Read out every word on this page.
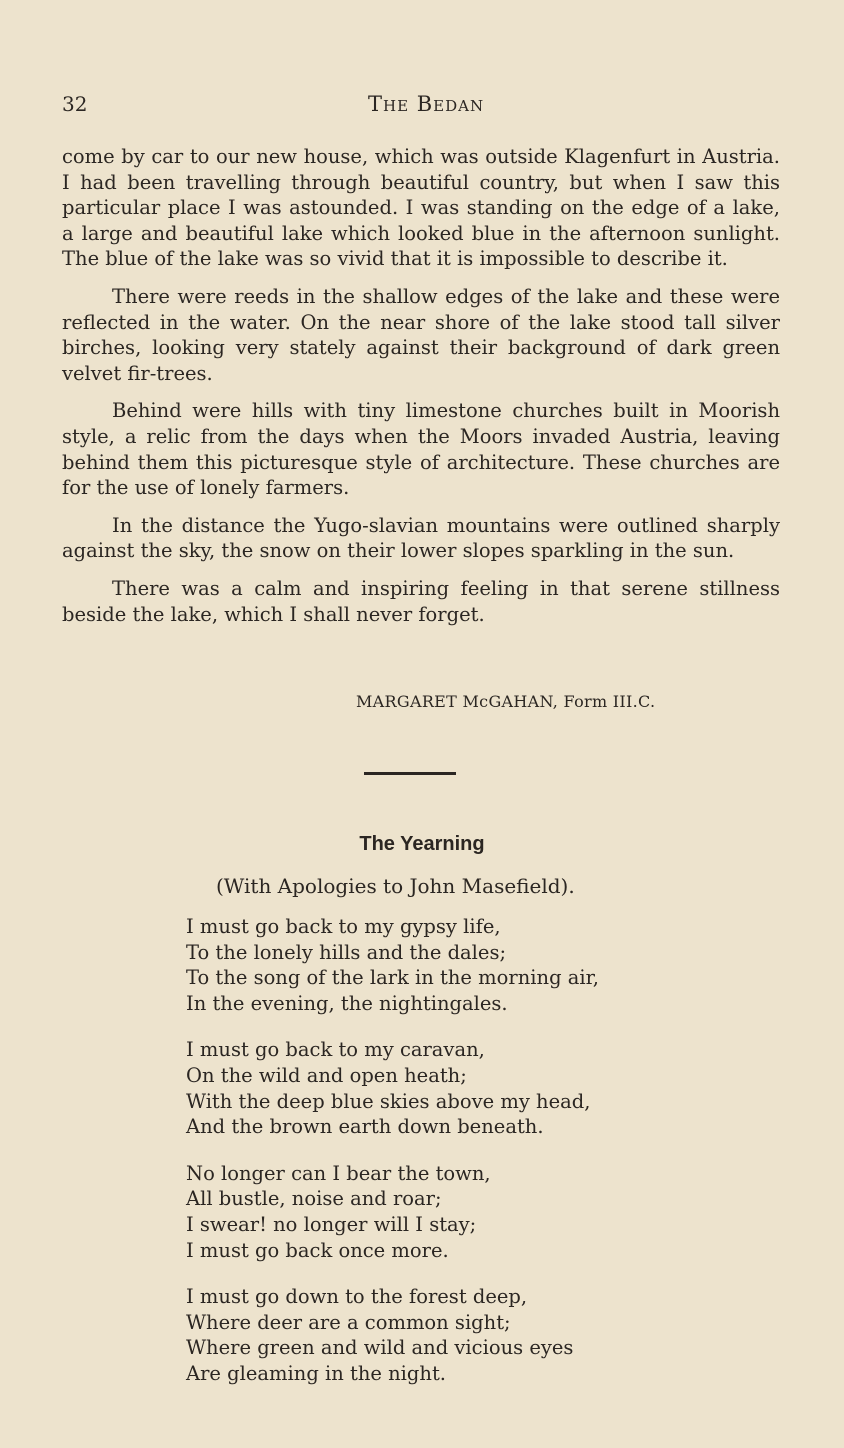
32	The Bedan

come by car to our new house, which was outside Klagenfurt in Austria. I had been travelling through beautiful country, but when I saw this particular place I was astounded. I was standing on the edge of a lake, a large and beautiful lake which looked blue in the afternoon sunlight. The blue of the lake was so vivid that it is impossible to describe it.

There were reeds in the shallow edges of the lake and these were reflected in the water. On the near shore of the lake stood tall silver birches, looking very stately against their background of dark green velvet fir-trees.

Behind were hills with tiny limestone churches built in Moorish style, a relic from the days when the Moors invaded Austria, leaving behind them this picturesque style of architecture. These churches are for the use of lonely farmers.

In the distance the Yugo-slavian mountains were outlined sharply against the sky, the snow on their lower slopes sparkling in the sun.

There was a calm and inspiring feeling in that serene stillness beside the lake, which I shall never forget.

MARGARET McGAHAN, Form III.C.
The Yearning
(With Apologies to John Masefield).
I must go back to my gypsy life,
To the lonely hills and the dales;
To the song of the lark in the morning air,
In the evening, the nightingales.
I must go back to my caravan,
On the wild and open heath;
With the deep blue skies above my head,
And the brown earth down beneath.
No longer can I bear the town,
All bustle, noise and roar;
I swear! no longer will I stay;
I must go back once more.
I must go down to the forest deep,
Where deer are a common sight;
Where green and wild and vicious eyes
Are gleaming in the night.
